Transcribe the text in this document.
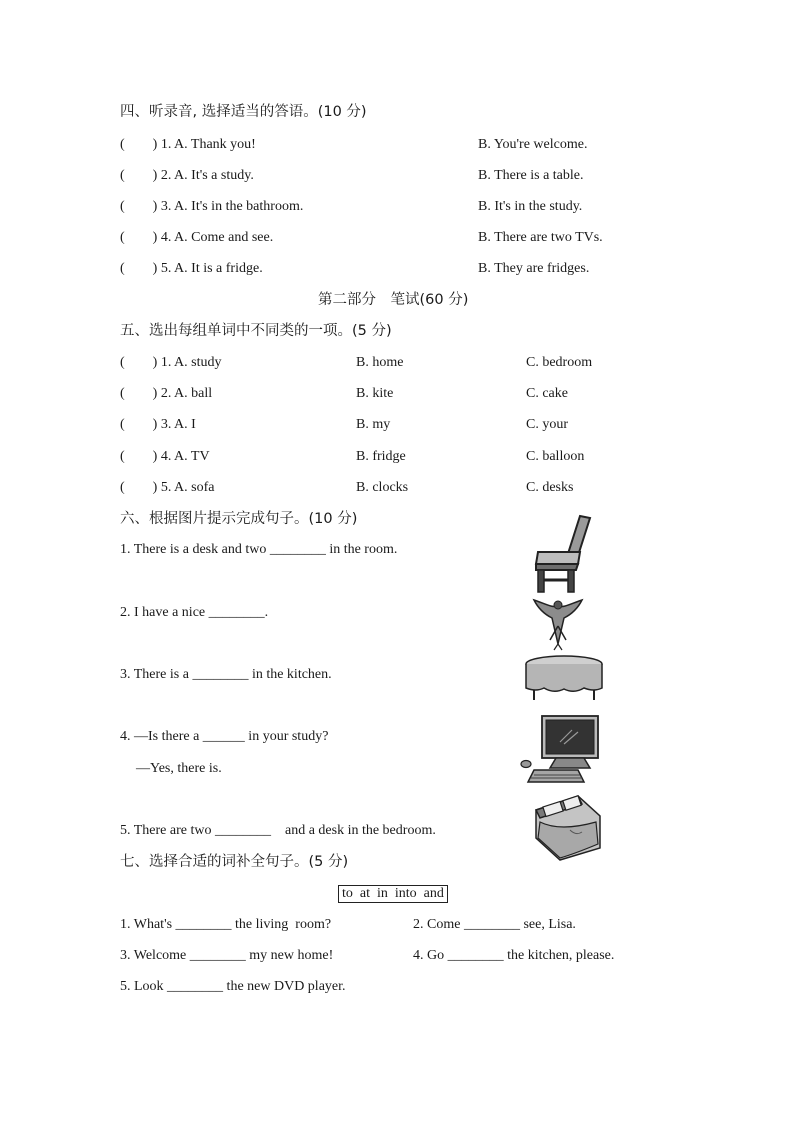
四、听录音, 选择适当的答语。(10 分)
(　　) 1. A. Thank you!	B. You're welcome.
(　　) 2. A. It's a study.	B. There is a table.
(　　) 3. A. It's in the bathroom.	B. It's in the study.
(　　) 4. A. Come and see.	B. There are two TVs.
(　　) 5. A. It is a fridge.	B. They are fridges.
第二部分　笔试(60 分)
五、选出每组单词中不同类的一项。(5 分)
(　　) 1. A. study	B. home	C. bedroom
(　　) 2. A. ball	B. kite	C. cake
(　　) 3. A. I	B. my	C. your
(　　) 4. A. TV	B. fridge	C. balloon
(　　) 5. A. sofa	B. clocks	C. desks
六、根据图片提示完成句子。(10 分)
1. There is a desk and two ________ in the room.
2. I have a nice ________.
3. There is a ________ in the kitchen.
4. —Is there a ______ in your study?
—Yes, there is.
5. There are two ________    and a desk in the bedroom.
七、选择合适的词补全句子。(5 分)
to  at  in  into  and
1. What's ________ the living  room?	2. Come ________ see, Lisa.
3. Welcome ________ my new home!	4. Go ________ the kitchen, please.
5. Look ________ the new DVD player.
